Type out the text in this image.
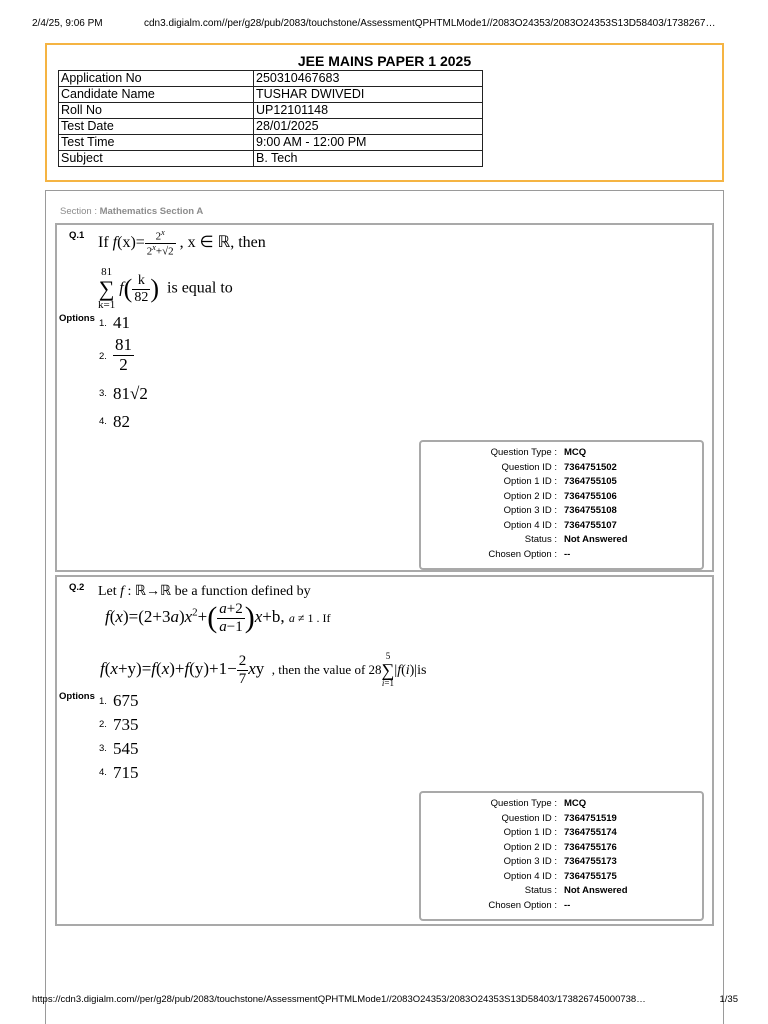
2/4/25, 9:06 PM	cdn3.digialm.com//per/g28/pub/2083/touchstone/AssessmentQPHTMLMode1//2083O24353/2083O24353S13D58403/1738267…
JEE MAINS PAPER 1 2025
Application No	250310467683
Candidate Name	TUSHAR DWIVEDI
Roll No	UP12101148
Test Date	28/01/2025
Test Time	9:00 AM - 12:00 PM
Subject	B. Tech
Section : Mathematics Section A
Q.1 If $f(x)= \frac{2^x}{2^x+√2}$ , x ∈ ℝ, then
81
∑
k=1
$f( \frac{k}{82}$ )  is equal to
Options 1. 41
2. $\frac{81}{2}$
3. 81√2
4. 82
Question Type : MCQ
Question ID : 7364751502
Option 1 ID : 7364755105
Option 2 ID : 7364755106
Option 3 ID : 7364755108
Option 4 ID : 7364755107
Status : Not Answered
Chosen Option : --
Q.2 Let f : ℝ→ℝ be a function defined by
$f(x)=(2+3a)x^2+( \frac{a+2}{a-1} )x+b$, a ≠ 1 . If
$f(x+y)=f(x)+f(y)+1- \frac{2}{7}$ xy  , then the value of 28
5
∑
i=1
|f(i)|is
Options 1. 675
2. 735
3. 545
4. 715
Question Type : MCQ
Question ID : 7364751519
Option 1 ID : 7364755174
Option 2 ID : 7364755176
Option 3 ID : 7364755173
Option 4 ID : 7364755175
Status : Not Answered
Chosen Option : --
https://cdn3.digialm.com//per/g28/pub/2083/touchstone/AssessmentQPHTMLMode1//2083O24353/2083O24353S13D58403/173826745000738…	1/35
